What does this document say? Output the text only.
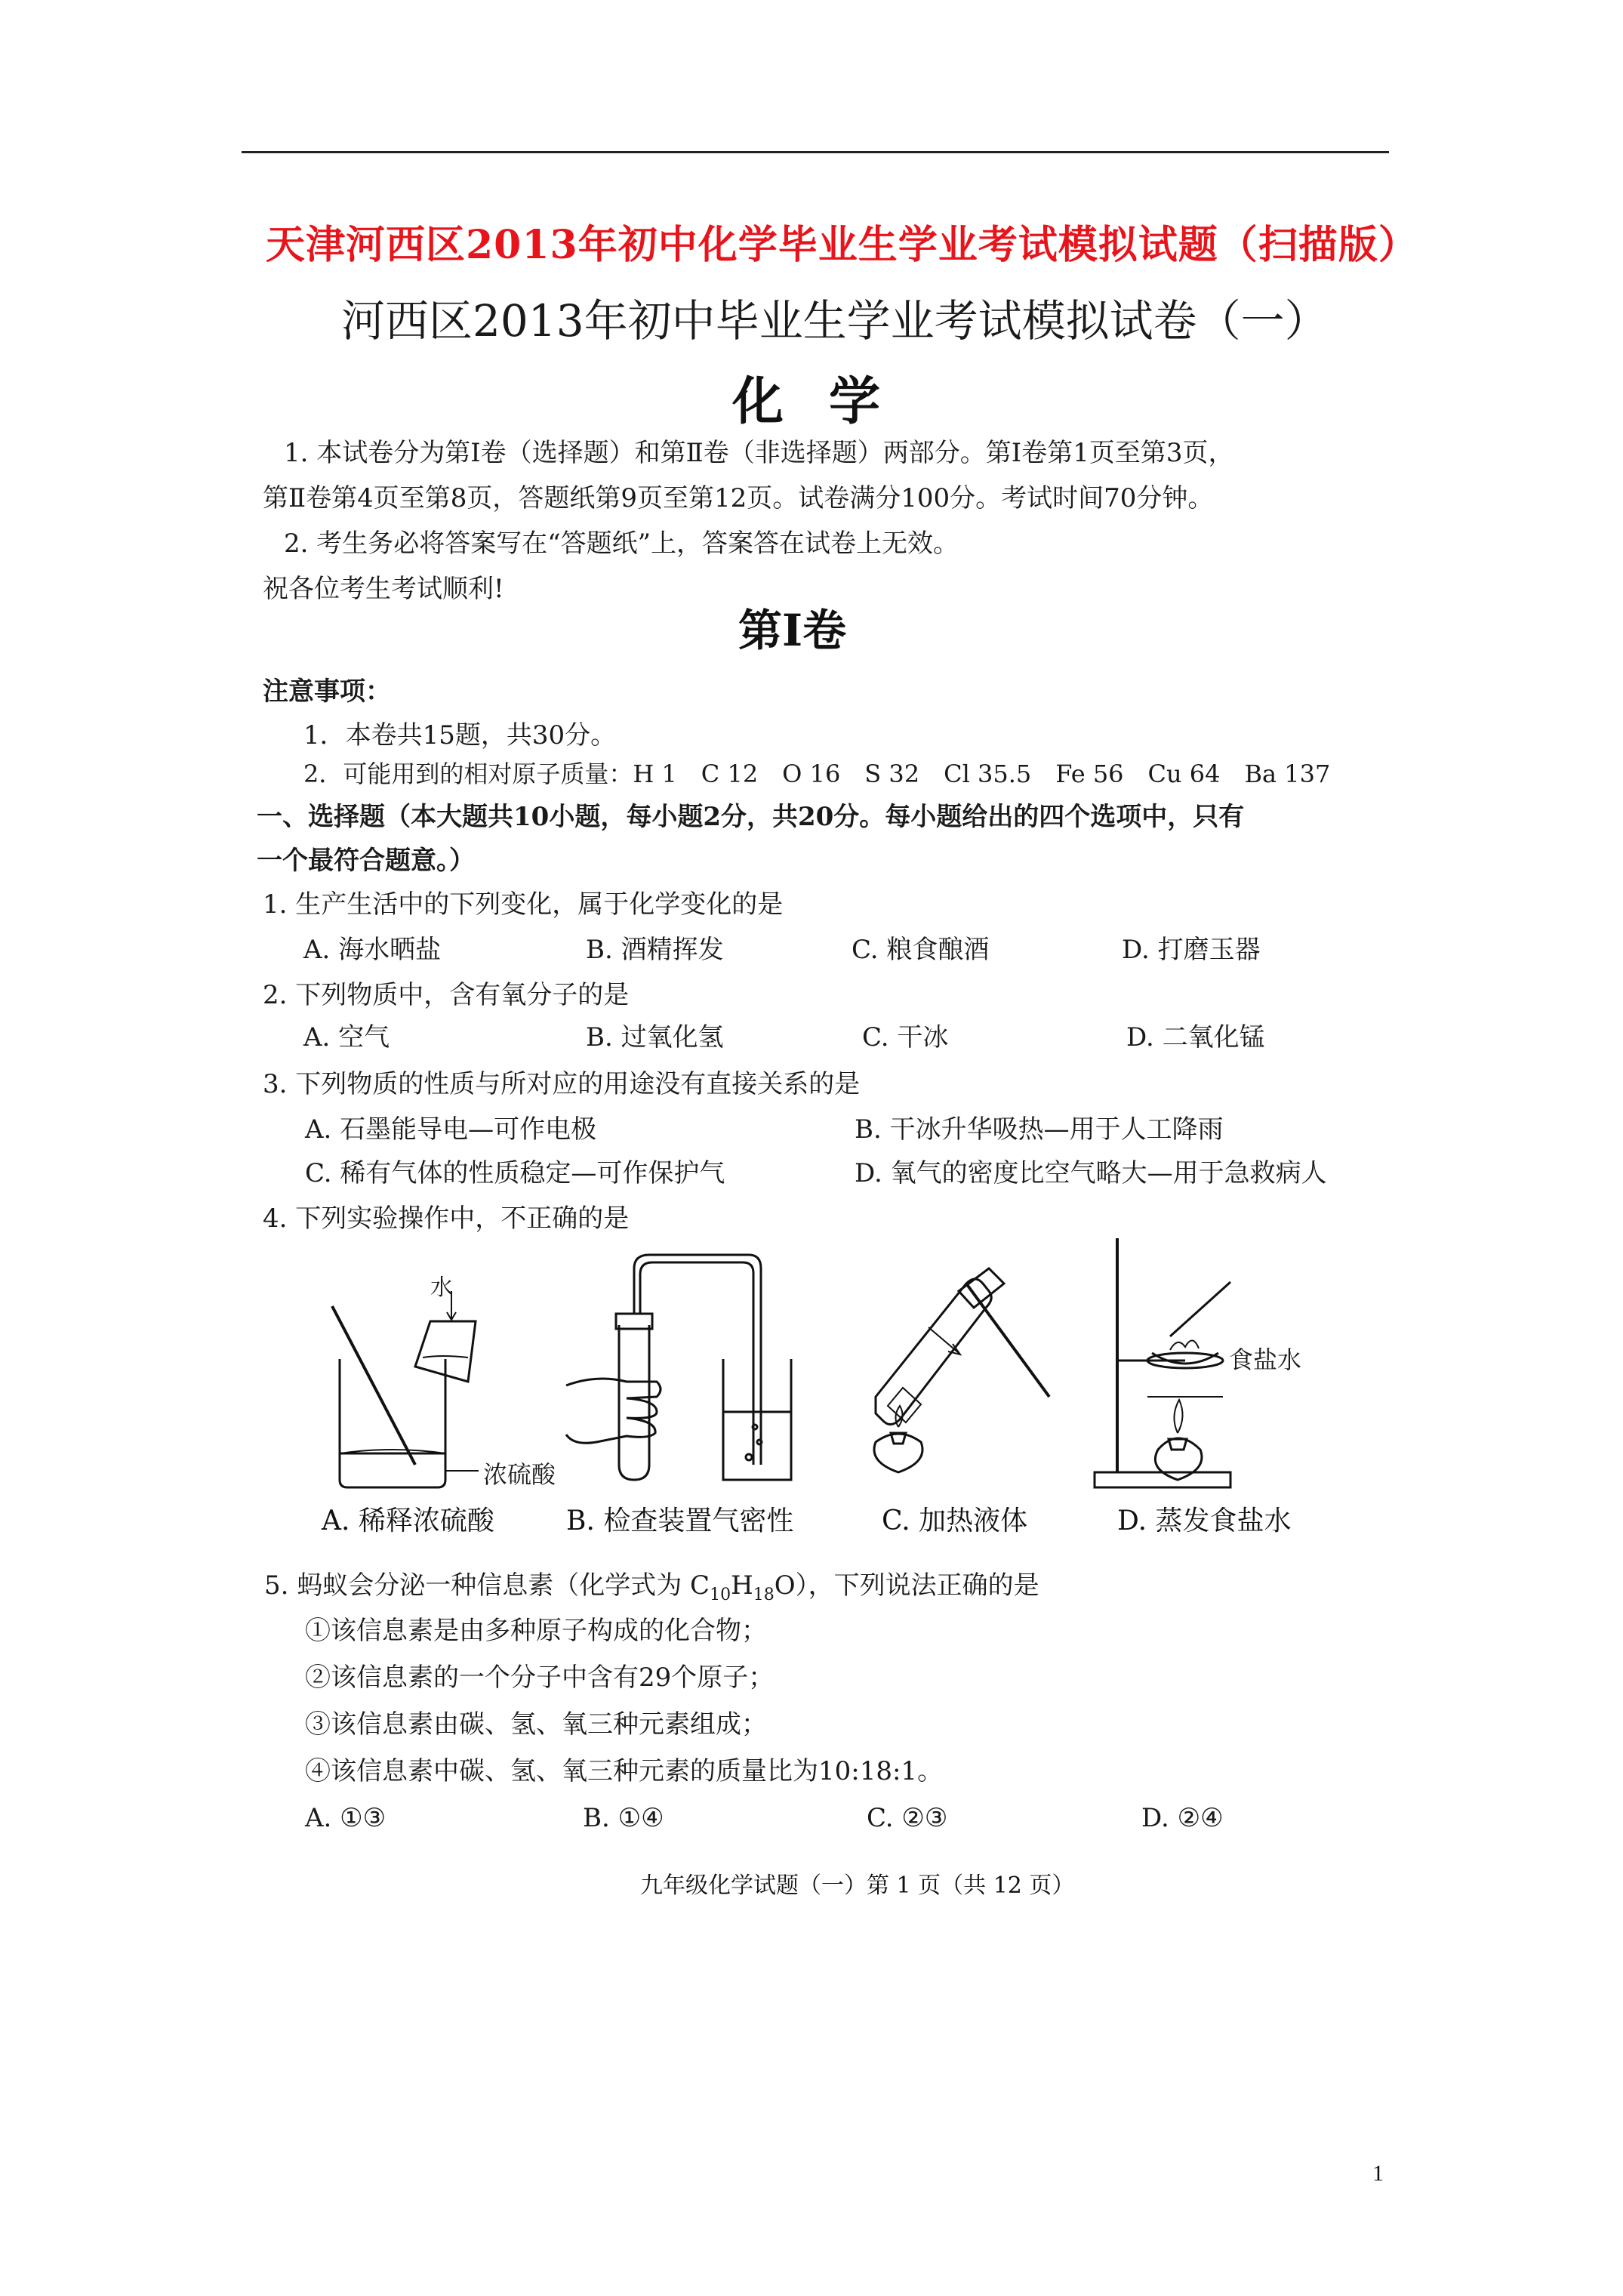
天津河西区2013年初中化学毕业生学业考试模拟试题（扫描版）
河西区2013年初中毕业生学业考试模拟试卷（一）
化学
1. 本试卷分为第Ⅰ卷（选择题）和第Ⅱ卷（非选择题）两部分。第Ⅰ卷第1页至第3页，
第Ⅱ卷第4页至第8页，答题纸第9页至第12页。试卷满分100分。考试时间70分钟。
2. 考生务必将答案写在“答题纸”上，答案答在试卷上无效。
祝各位考生考试顺利!
第Ⅰ卷
注意事项：
1．本卷共15题，共30分。
2．可能用到的相对原子质量：H 1　C 12　O 16　S 32　Cl 35.5　Fe 56　Cu 64　Ba 137
一、选择题（本大题共10小题，每小题2分，共20分。每小题给出的四个选项中，只有
一个最符合题意。）
1. 生产生活中的下列变化，属于化学变化的是
A. 海水晒盐	B. 酒精挥发	C. 粮食酿酒	D. 打磨玉器
2. 下列物质中，含有氧分子的是
A. 空气	B. 过氧化氢	C. 干冰	D. 二氧化锰
3. 下列物质的性质与所对应的用途没有直接关系的是
A. 石墨能导电—可作电极	B. 干冰升华吸热—用于人工降雨
C. 稀有气体的性质稳定—可作保护气	D. 氧气的密度比空气略大—用于急救病人
4. 下列实验操作中，不正确的是
水
浓硫酸
食盐水
A. 稀释浓硫酸	B. 检查装置气密性	C. 加热液体	D. 蒸发食盐水
5. 蚂蚁会分泌一种信息素（化学式为 $C_{10}H_{18}O$），下列说法正确的是
①该信息素是由多种原子构成的化合物；
②该信息素的一个分子中含有29个原子；
③该信息素由碳、氢、氧三种元素组成；
④该信息素中碳、氢、氧三种元素的质量比为10:18:1。
A. ①③	B. ①④	C. ②③	D. ②④
九年级化学试题（一）第 1 页（共 12 页）
1
